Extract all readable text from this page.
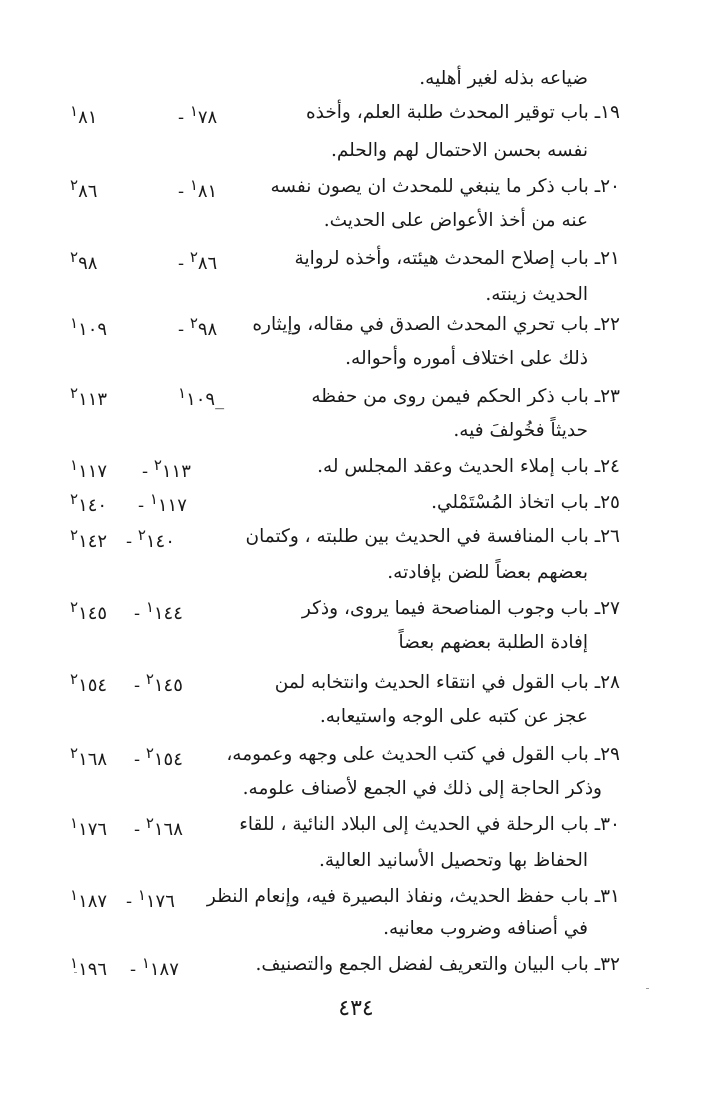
ضياعه بذله لغير أهليه.
١٩ـ باب توقير المحدث طلبة العلم، وأخذه
$^١$٨١	- $^١$٧٨
نفسه بحسن الاحتمال لهم والحلم.
٢٠ـ باب ذكر ما ينبغي للمحدث ان يصون نفسه
$^٢$٨٦	- $^١$٨١
عنه من أخذ الأعواض على الحديث.
٢١ـ باب إصلاح المحدث هيئته، وأخذه لرواية
$^٢$٩٨	- $^٢$٨٦
الحديث زينته.
٢٢ـ باب تحري المحدث الصدق في مقاله، وإيثاره
$^١$١٠٩	- $^٢$٩٨
ذلك على اختلاف أموره وأحواله.
٢٣ـ باب ذكر الحكم فيمن روى من حفظه
$^٢$١١٣	$^١$١٠٩_
حديثاً فخُولفَ فيه.
٢٤ـ باب إملاء الحديث وعقد المجلس له.
$^١$١١٧ - $^٢$١١٣
٢٥ـ باب اتخاذ المُسْتَمْلي.
$^٢$١٤٠ - $^١$١١٧
٢٦ـ باب المنافسة في الحديث بين طلبته ، وكتمان
$^٢$١٤٢ - $^٢$١٤٠
بعضهم بعضاً للضن بإفادته.
٢٧ـ باب وجوب المناصحة فيما يروى، وذكر
$^٢$١٤٥ - $^١$١٤٤
إفادة الطلبة بعضهم بعضاً
٢٨ـ باب القول في انتقاء الحديث وانتخابه لمن
$^٢$١٥٤ - $^٢$١٤٥
عجز عن كتبه على الوجه واستيعابه.
٢٩ـ باب القول في كتب الحديث على وجهه وعمومه،
$^٢$١٦٨ - $^٢$١٥٤
وذكر الحاجة إلى ذلك في الجمع لأصناف علومه.
٣٠ـ باب الرحلة في الحديث إلى البلاد النائية ، للقاء
$^١$١٧٦ - $^٢$١٦٨
الحفاظ بها وتحصيل الأسانيد العالية.
٣١ـ باب حفظ الحديث، ونفاذ البصيرة فيه، وإنعام النظر
$^١$١٨٧ - $^١$١٧٦
في أصنافه وضروب معانيه.
٣٢ـ باب البيان والتعريف لفضل الجمع والتصنيف.
$^١$١٩٦ - $^١$١٨٧
٤٣٤
